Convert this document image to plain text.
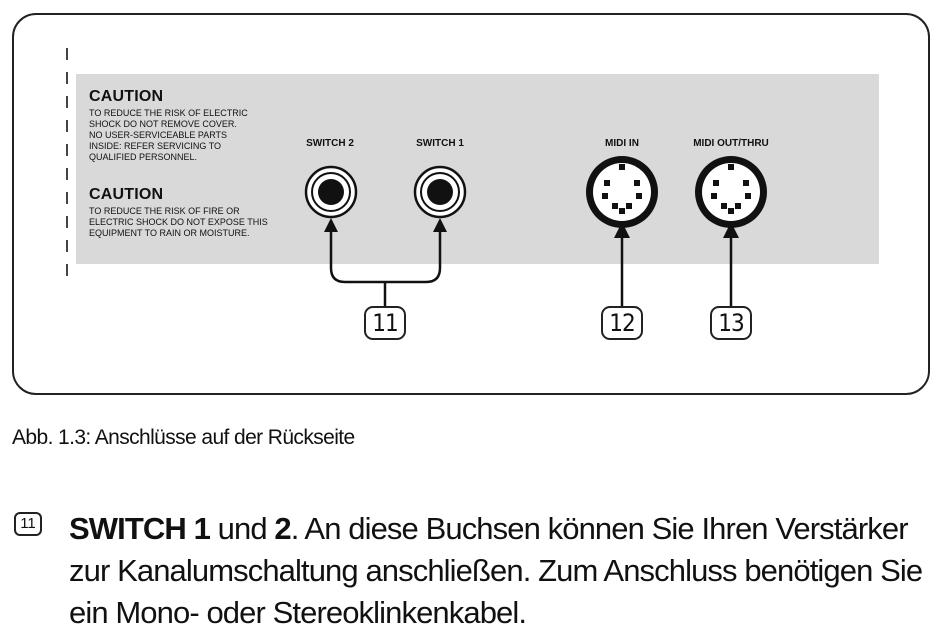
CAUTION
TO REDUCE THE RISK OF ELECTRIC
SHOCK DO NOT REMOVE COVER.
NO USER-SERVICEABLE PARTS
INSIDE: REFER SERVICING TO
QUALIFIED PERSONNEL.
CAUTION
TO REDUCE THE RISK OF FIRE OR
ELECTRIC SHOCK DO NOT EXPOSE THIS
EQUIPMENT TO RAIN OR MOISTURE.
SWITCH 2	SWITCH 1	MIDI IN	MIDI OUT/THRU
11	12	13
Abb. 1.3: Anschlüsse auf der Rückseite
11 SWITCH 1 und 2. An diese Buchsen können Sie Ihren Verstärker zur Kanalumschaltung anschließen. Zum Anschluss benötigen Sie ein Mono- oder Stereoklinkenkabel.
